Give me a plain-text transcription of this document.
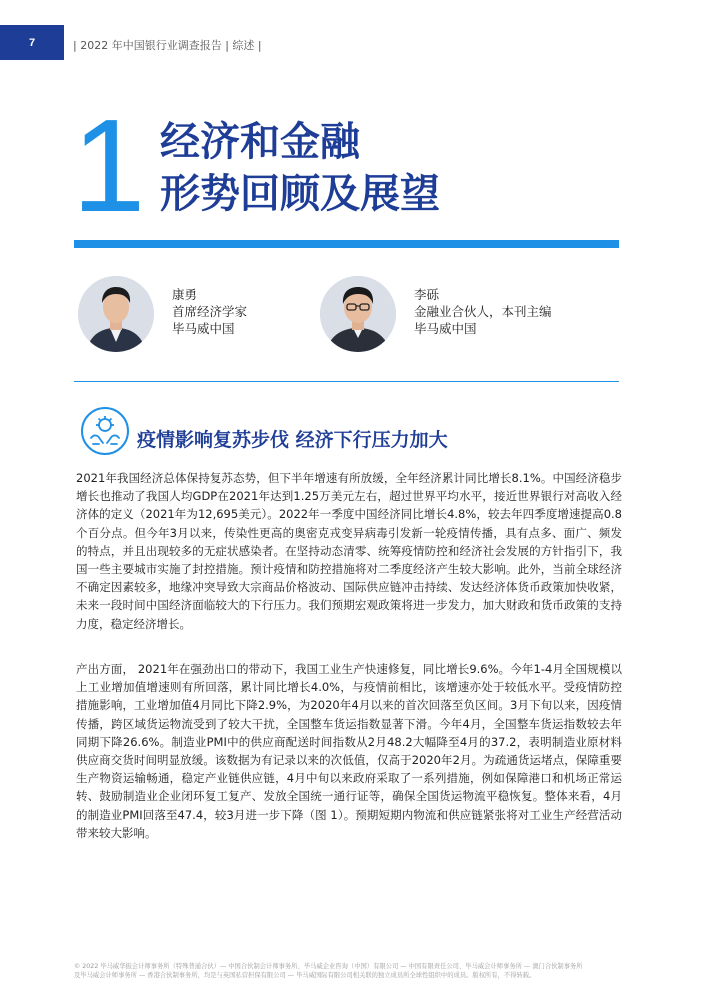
7	| 2022 年中国银行业调查报告 | 综述 |
1 经济和金融
形势回顾及展望
康勇
首席经济学家
毕马威中国
李砾
金融业合伙人，本刊主编
毕马威中国
疫情影响复苏步伐 经济下行压力加大
2021年我国经济总体保持复苏态势，但下半年增速有所放缓，全年经济累计同比增长8.1%。中国经济稳步增长也推动了我国人均GDP在2021年达到1.25万美元左右，超过世界平均水平，接近世界银行对高收入经济体的定义（2021年为12,695美元）。2022年一季度中国经济同比增长4.8%，较去年四季度增速提高0.8个百分点。但今年3月以来，传染性更高的奥密克戎变异病毒引发新一轮疫情传播，具有点多、面广、频发的特点，并且出现较多的无症状感染者。在坚持动态清零、统筹疫情防控和经济社会发展的方针指引下，我国一些主要城市实施了封控措施。预计疫情和防控措施将对二季度经济产生较大影响。此外，当前全球经济不确定因素较多，地缘冲突导致大宗商品价格波动、国际供应链冲击持续、发达经济体货币政策加快收紧，未来一段时间中国经济面临较大的下行压力。我们预期宏观政策将进一步发力，加大财政和货币政策的支持力度，稳定经济增长。
产出方面， 2021年在强劲出口的带动下，我国工业生产快速修复，同比增长9.6%。今年1-4月全国规模以上工业增加值增速则有所回落，累计同比增长4.0%，与疫情前相比，该增速亦处于较低水平。受疫情防控措施影响，工业增加值4月同比下降2.9%，为2020年4月以来的首次回落至负区间。3月下旬以来，因疫情传播，跨区域货运物流受到了较大干扰，全国整车货运指数显著下滑。今年4月，全国整车货运指数较去年同期下降26.6%。制造业PMI中的供应商配送时间指数从2月48.2大幅降至4月的37.2，表明制造业原材料供应商交货时间明显放缓。该数据为有记录以来的次低值，仅高于2020年2月。为疏通货运堵点，保障重要生产物资运输畅通，稳定产业链供应链，4月中旬以来政府采取了一系列措施，例如保障港口和机场正常运转、鼓励制造业企业闭环复工复产、发放全国统一通行证等，确保全国货运物流平稳恢复。整体来看，4月的制造业PMI回落至47.4，较3月进一步下降（图 1）。预期短期内物流和供应链紧张将对工业生产经营活动带来较大影响。
© 2022 毕马威华振会计师事务所（特殊普通合伙）— 中国合伙制会计师事务所、毕马威企业咨询（中国）有限公司 — 中国有限责任公司、毕马威会计师事务所 — 澳门合伙制事务所
及毕马威会计师事务所 — 香港合伙制事务所，均是与英国私营担保有限公司 — 毕马威国际有限公司相关联的独立成员所全球性组织中的成员。版权所有，不得转载。
